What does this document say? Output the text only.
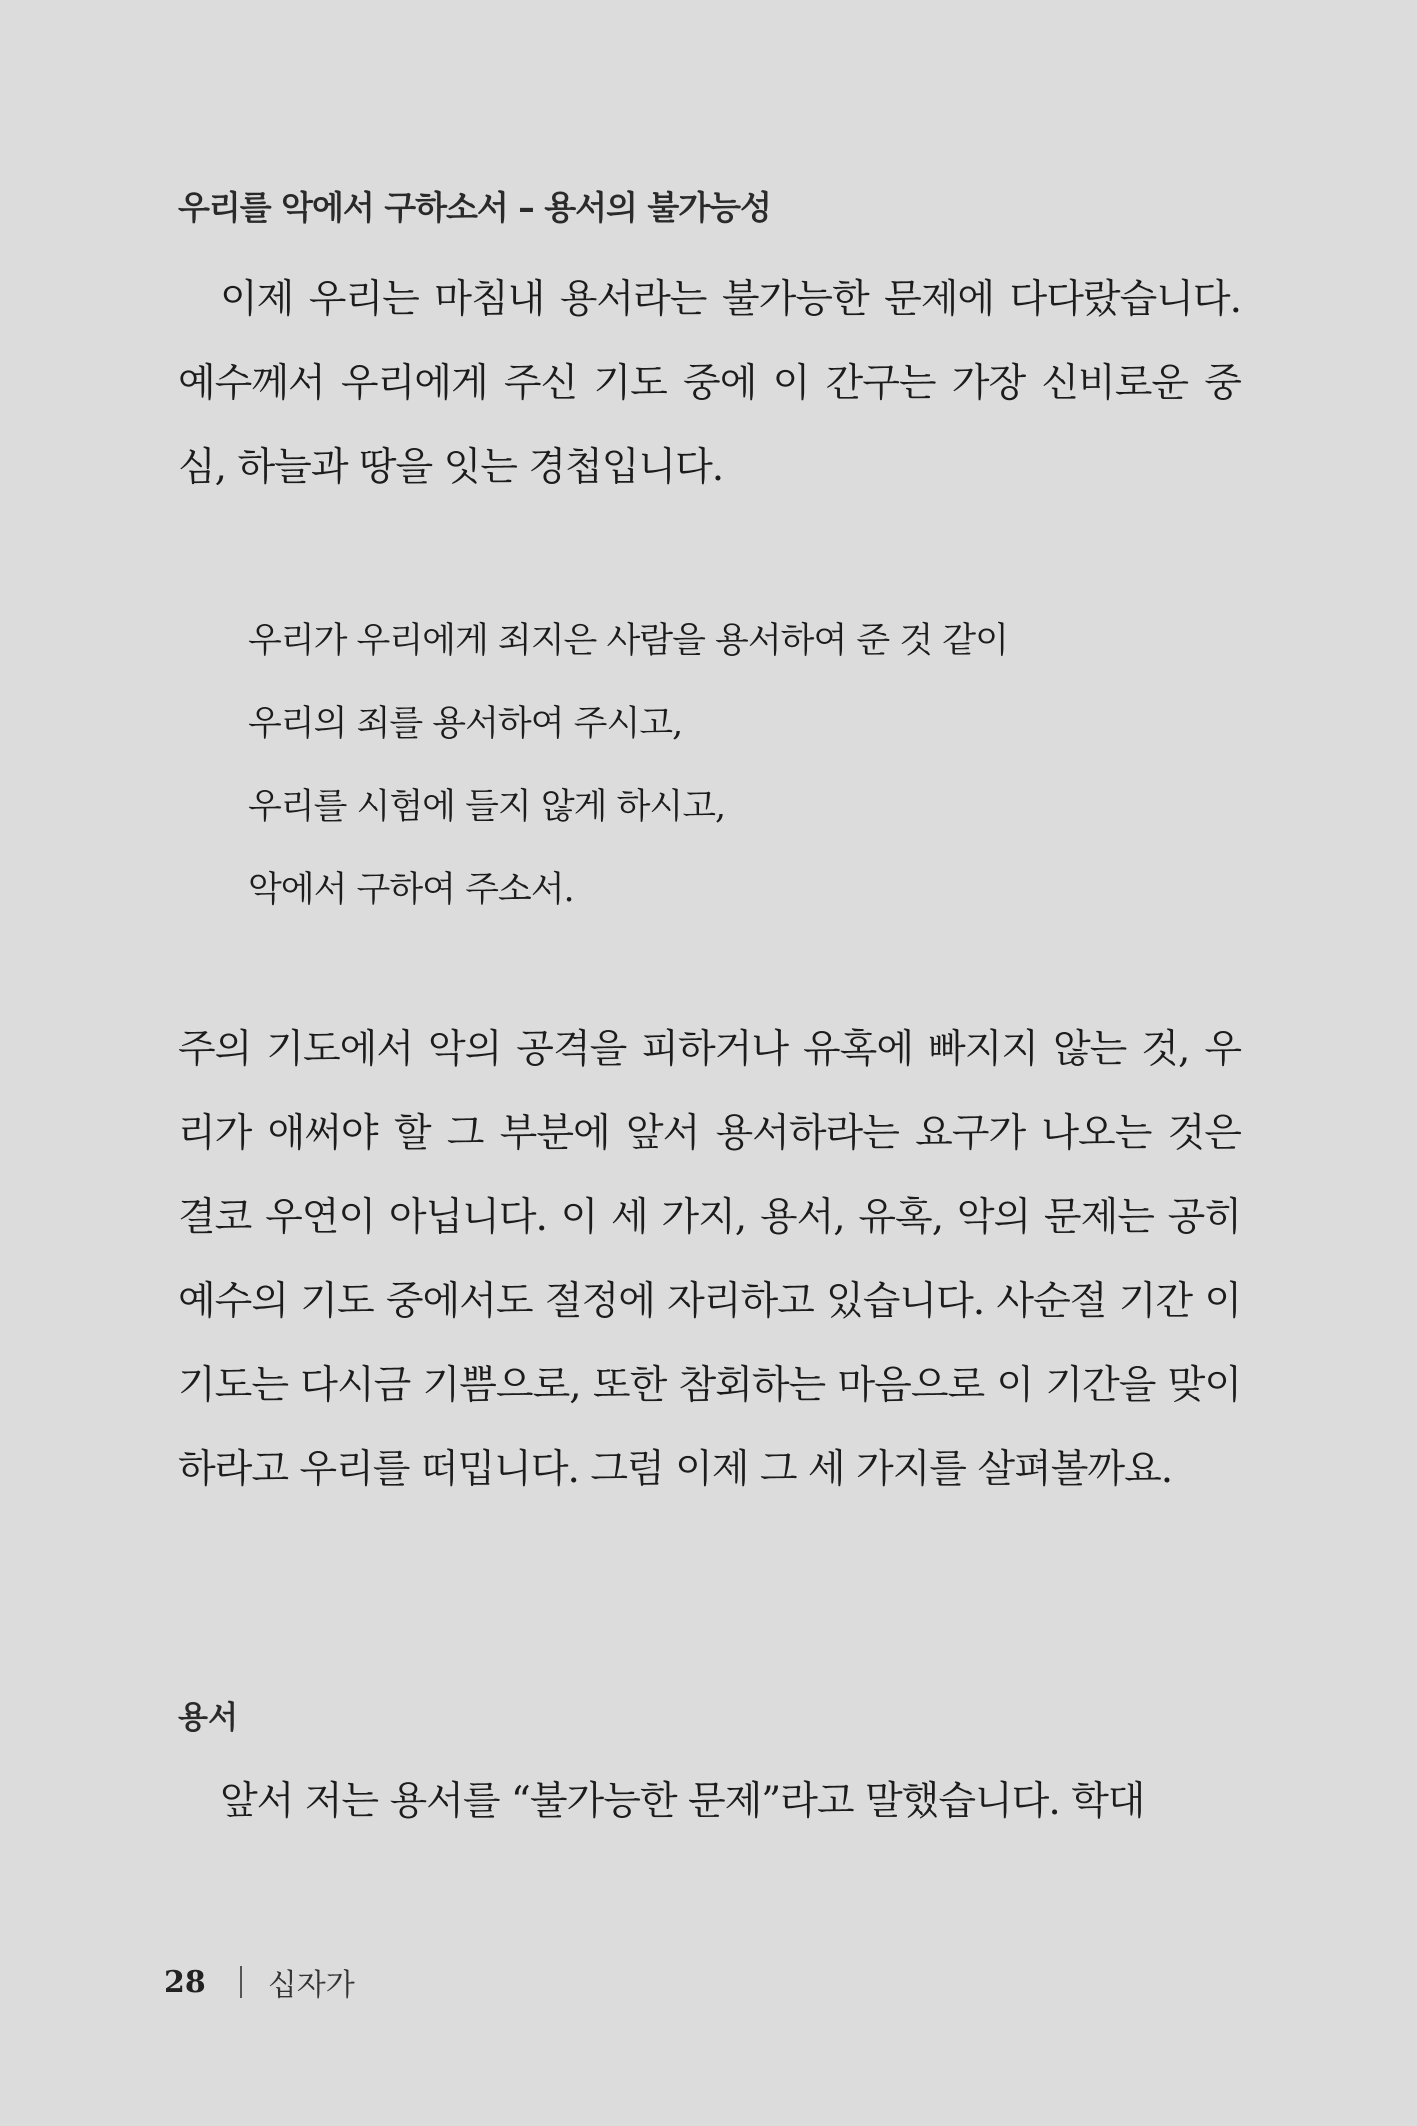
우리를 악에서 구하소서 – 용서의 불가능성

이제 우리는 마침내 용서라는 불가능한 문제에 다다랐습니다. 예수께서 우리에게 주신 기도 중에 이 간구는 가장 신비로운 중심, 하늘과 땅을 잇는 경첩입니다.

우리가 우리에게 죄지은 사람을 용서하여 준 것 같이
우리의 죄를 용서하여 주시고,
우리를 시험에 들지 않게 하시고,
악에서 구하여 주소서.

주의 기도에서 악의 공격을 피하거나 유혹에 빠지지 않는 것, 우리가 애써야 할 그 부분에 앞서 용서하라는 요구가 나오는 것은 결코 우연이 아닙니다. 이 세 가지, 용서, 유혹, 악의 문제는 공히 예수의 기도 중에서도 절정에 자리하고 있습니다. 사순절 기간 이 기도는 다시금 기쁨으로, 또한 참회하는 마음으로 이 기간을 맞이하라고 우리를 떠밉니다. 그럼 이제 그 세 가지를 살펴볼까요.

용서

앞서 저는 용서를 “불가능한 문제”라고 말했습니다. 학대

28 십자가
